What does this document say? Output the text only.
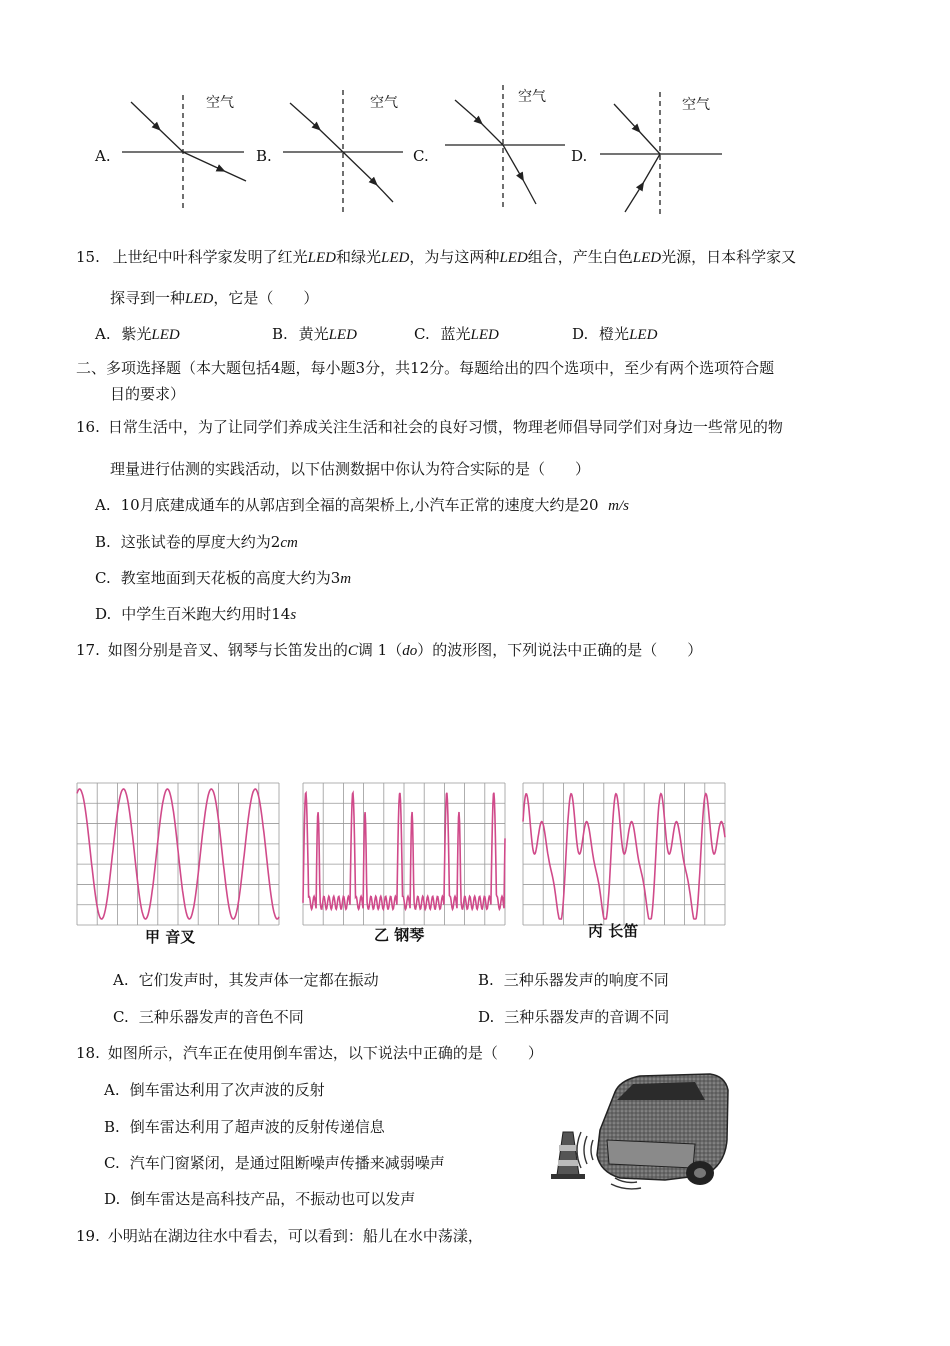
空气	空气	空气	空气
A.	B.	C.	D.
15. 上世纪中叶科学家发明了红光LED和绿光LED，为与这两种LED组合，产生白色LED光源，日本科学家又
探寻到一种LED，它是（　　）
A. 紫光LED	B. 黄光LED	C. 蓝光LED	D. 橙光LED
二、多项选择题（本大题包括4题，每小题3分，共12分。每题给出的四个选项中，至少有两个选项符合题
目的要求）
16. 日常生活中，为了让同学们养成关注生活和社会的良好习惯，物理老师倡导同学们对身边一些常见的物
理量进行估测的实践活动，以下估测数据中你认为符合实际的是（　　）
A. 10月底建成通车的从郭店到全福的高架桥上,小汽车正常的速度大约是20 m/s
B. 这张试卷的厚度大约为2cm
C. 教室地面到天花板的高度大约为3m
D. 中学生百米跑大约用时14s
17. 如图分别是音叉、钢琴与长笛发出的C调 1（do）的波形图，下列说法中正确的是（　　）
甲 音叉	乙 钢琴	丙 长笛
A. 它们发声时，其发声体一定都在振动	B. 三种乐器发声的响度不同
C. 三种乐器发声的音色不同	D. 三种乐器发声的音调不同
18. 如图所示，汽车正在使用倒车雷达，以下说法中正确的是（　　）
A. 倒车雷达利用了次声波的反射
B. 倒车雷达利用了超声波的反射传递信息
C. 汽车门窗紧闭，是通过阻断噪声传播来减弱噪声
D. 倒车雷达是高科技产品，不振动也可以发声
19. 小明站在湖边往水中看去，可以看到：船儿在水中荡漾，
